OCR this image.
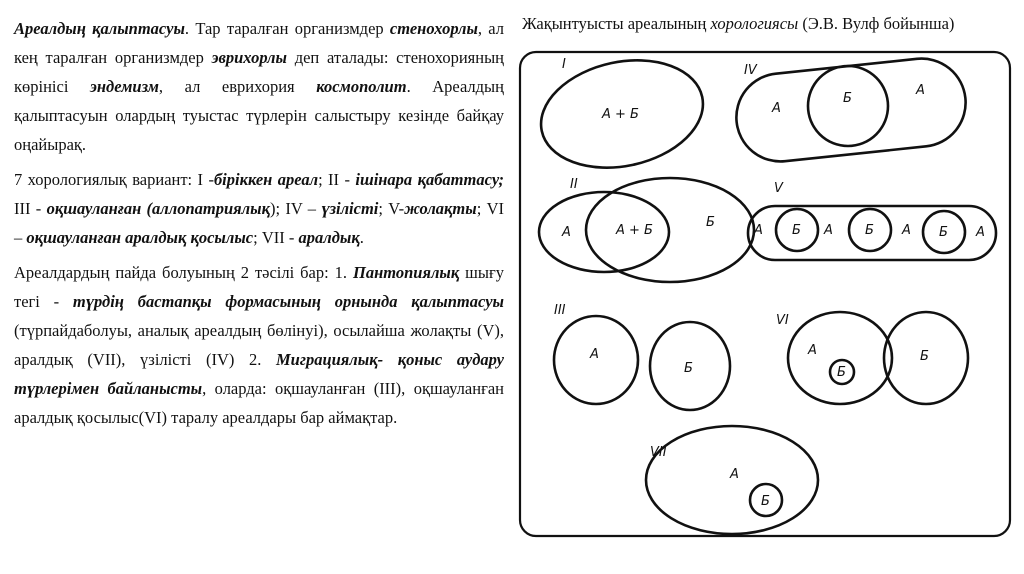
Ареалдың қалыптасуы. Тар таралған организмдер стенохорлы, ал кең таралған организмдер эврихорлы деп аталады: стенохорияның көрінісі эндемизм, ал еврихория космополит. Ареалдың қалыптасуын олардың туыстас түрлерін салыстыру кезінде байқау оңайырақ.

7 хорологиялық вариант: I -біріккен ареал; II - ішінара қабаттасу; III - оқшауланған (аллопатриялық); IV – үзілісті; V-жолақты; VI – оқшауланған аралдық қосылыс; VII - аралдық.

Ареалдардың пайда болуының 2 тәсілі бар: 1. Пантопиялық шығу тегі - түрдің бастапқы формасының орнында қалыптасуы (түрпайдаболуы, аналық ареалдың бөлінуі), осылайша жолақты (V), аралдық (VII), үзілісті (IV) 2. Миграциялық- қоныс аудару түрлерімен байланысты, оларда: оқшауланған (III), оқшауланған аралдық қосылыс(VI) таралу ареалдары бар аймақтар.

Жақынтуысты ареалының хорологиясы (Э.В. Вулф бойынша)
I
А + Б
IV
А
Б
А
II
А	А + Б
Б
V
А Б А Б А Б А
III
А
Б
VI
А
Б
Б
VII
А
Б
